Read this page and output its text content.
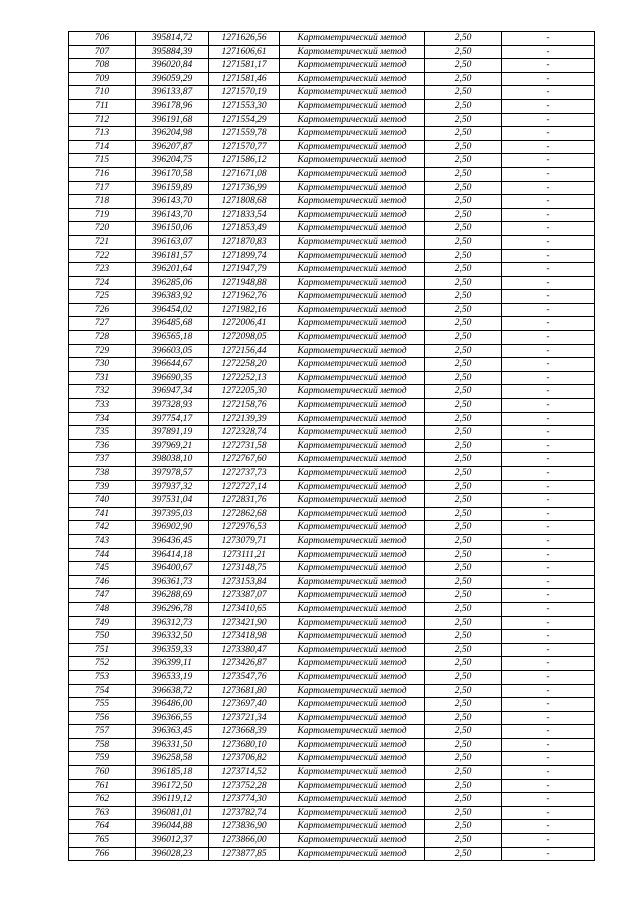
706	395814,72	1271626,56	Картометрический метод	2,50	-
707	395884,39	1271606,61	Картометрический метод	2,50	-
708	396020,84	1271581,17	Картометрический метод	2,50	-
709	396059,29	1271581,46	Картометрический метод	2,50	-
710	396133,87	1271570,19	Картометрический метод	2,50	-
711	396178,96	1271553,30	Картометрический метод	2,50	-
712	396191,68	1271554,29	Картометрический метод	2,50	-
713	396204,98	1271559,78	Картометрический метод	2,50	-
714	396207,87	1271570,77	Картометрический метод	2,50	-
715	396204,75	1271586,12	Картометрический метод	2,50	-
716	396170,58	1271671,08	Картометрический метод	2,50	-
717	396159,89	1271736,99	Картометрический метод	2,50	-
718	396143,70	1271808,68	Картометрический метод	2,50	-
719	396143,70	1271833,54	Картометрический метод	2,50	-
720	396150,06	1271853,49	Картометрический метод	2,50	-
721	396163,07	1271870,83	Картометрический метод	2,50	-
722	396181,57	1271899,74	Картометрический метод	2,50	-
723	396201,64	1271947,79	Картометрический метод	2,50	-
724	396285,06	1271948,88	Картометрический метод	2,50	-
725	396383,92	1271962,76	Картометрический метод	2,50	-
726	396454,02	1271982,16	Картометрический метод	2,50	-
727	396485,68	1272006,41	Картометрический метод	2,50	-
728	396565,18	1272098,05	Картометрический метод	2,50	-
729	396603,05	1272156,44	Картометрический метод	2,50	-
730	396644,67	1272258,20	Картометрический метод	2,50	-
731	396690,35	1272252,13	Картометрический метод	2,50	-
732	396947,34	1272205,30	Картометрический метод	2,50	-
733	397328,93	1272158,76	Картометрический метод	2,50	-
734	397754,17	1272139,39	Картометрический метод	2,50	-
735	397891,19	1272328,74	Картометрический метод	2,50	-
736	397969,21	1272731,58	Картометрический метод	2,50	-
737	398038,10	1272767,60	Картометрический метод	2,50	-
738	397978,57	1272737,73	Картометрический метод	2,50	-
739	397937,32	1272727,14	Картометрический метод	2,50	-
740	397531,04	1272831,76	Картометрический метод	2,50	-
741	397395,03	1272862,68	Картометрический метод	2,50	-
742	396902,90	1272976,53	Картометрический метод	2,50	-
743	396436,45	1273079,71	Картометрический метод	2,50	-
744	396414,18	1273111,21	Картометрический метод	2,50	-
745	396400,67	1273148,75	Картометрический метод	2,50	-
746	396361,73	1273153,84	Картометрический метод	2,50	-
747	396288,69	1273387,07	Картометрический метод	2,50	-
748	396296,78	1273410,65	Картометрический метод	2,50	-
749	396312,73	1273421,90	Картометрический метод	2,50	-
750	396332,50	1273418,98	Картометрический метод	2,50	-
751	396359,33	1273380,47	Картометрический метод	2,50	-
752	396399,11	1273426,87	Картометрический метод	2,50	-
753	396533,19	1273547,76	Картометрический метод	2,50	-
754	396638,72	1273681,80	Картометрический метод	2,50	-
755	396486,00	1273697,40	Картометрический метод	2,50	-
756	396366,55	1273721,34	Картометрический метод	2,50	-
757	396363,45	1273668,39	Картометрический метод	2,50	-
758	396331,50	1273680,10	Картометрический метод	2,50	-
759	396258,58	1273706,82	Картометрический метод	2,50	-
760	396185,18	1273714,52	Картометрический метод	2,50	-
761	396172,50	1273752,28	Картометрический метод	2,50	-
762	396119,12	1273774,30	Картометрический метод	2,50	-
763	396081,01	1273782,74	Картометрический метод	2,50	-
764	396044,88	1273836,90	Картометрический метод	2,50	-
765	396012,37	1273866,00	Картометрический метод	2,50	-
766	396028,23	1273877,85	Картометрический метод	2,50	-
